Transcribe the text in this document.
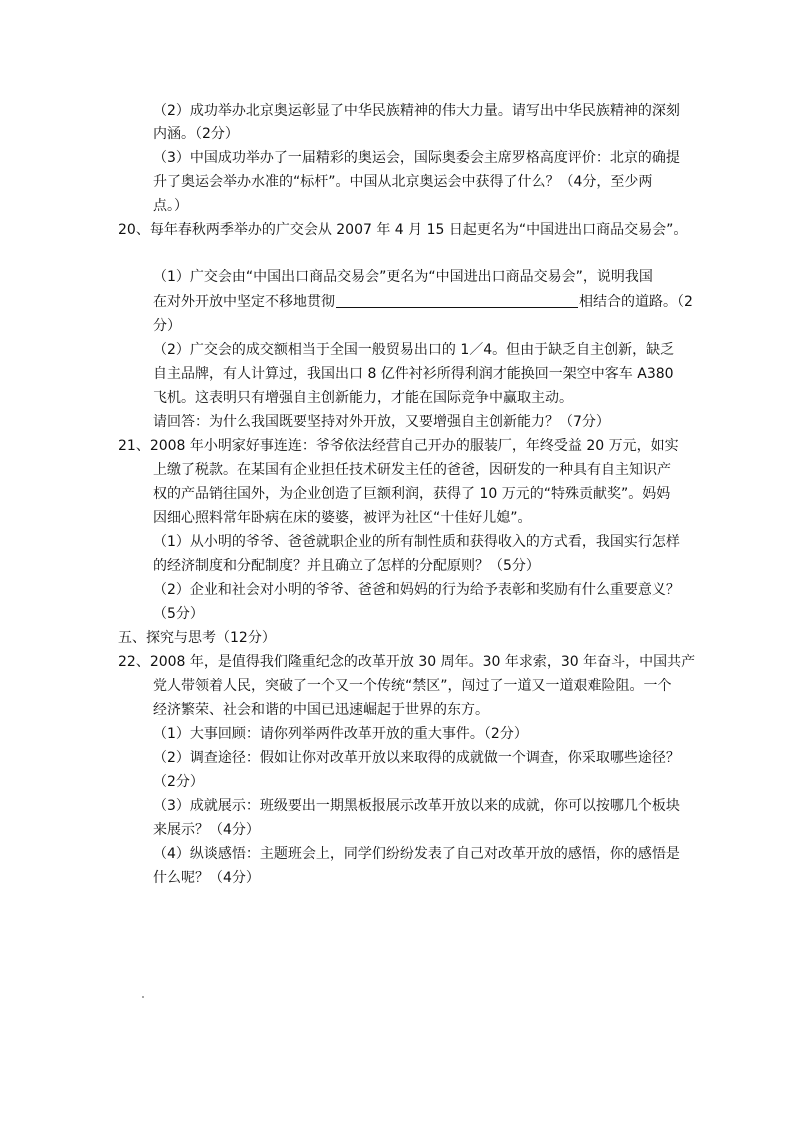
（2）成功举办北京奥运彰显了中华民族精神的伟大力量。请写出中华民族精神的深刻
内涵。（2分）
（3）中国成功举办了一届精彩的奥运会，国际奥委会主席罗格高度评价：北京的确提
升了奥运会举办水准的“标杆”。中国从北京奥运会中获得了什么？（4分，至少两
点。）
20、每年春秋两季举办的广交会从 2007 年 4 月 15 日起更名为“中国进出口商品交易会”。
（1）广交会由“中国出口商品交易会”更名为“中国进出口商品交易会”，说明我国
在对外开放中坚定不移地贯彻	相结合的道路。（2
分）
（2）广交会的成交额相当于全国一般贸易出口的 1／4。但由于缺乏自主创新，缺乏
自主品牌，有人计算过，我国出口 8 亿件衬衫所得利润才能换回一架空中客车 A380
飞机。这表明只有增强自主创新能力，才能在国际竞争中赢取主动。
请回答：为什么我国既要坚持对外开放，又要增强自主创新能力？（7分）
21、2008 年小明家好事连连：爷爷依法经营自己开办的服装厂，年终受益 20 万元，如实
上缴了税款。在某国有企业担任技术研发主任的爸爸，因研发的一种具有自主知识产
权的产品销往国外，为企业创造了巨额利润，获得了 10 万元的“特殊贡献奖”。妈妈
因细心照料常年卧病在床的婆婆，被评为社区“十佳好儿媳”。
（1）从小明的爷爷、爸爸就职企业的所有制性质和获得收入的方式看，我国实行怎样
的经济制度和分配制度？并且确立了怎样的分配原则？（5分）
（2）企业和社会对小明的爷爷、爸爸和妈妈的行为给予表彰和奖励有什么重要意义？
（5分）
五、探究与思考（12分）
22、2008 年，是值得我们隆重纪念的改革开放 30 周年。30 年求索，30 年奋斗，中国共产
党人带领着人民，突破了一个又一个传统“禁区”，闯过了一道又一道艰难险阻。一个
经济繁荣、社会和谐的中国已迅速崛起于世界的东方。
（1）大事回顾：请你列举两件改革开放的重大事件。（2分）
（2）调查途径：假如让你对改革开放以来取得的成就做一个调查，你采取哪些途径？
（2分）
（3）成就展示：班级要出一期黑板报展示改革开放以来的成就，你可以按哪几个板块
来展示？（4分）
（4）纵谈感悟：主题班会上，同学们纷纷发表了自己对改革开放的感悟，你的感悟是
什么呢？（4分）
